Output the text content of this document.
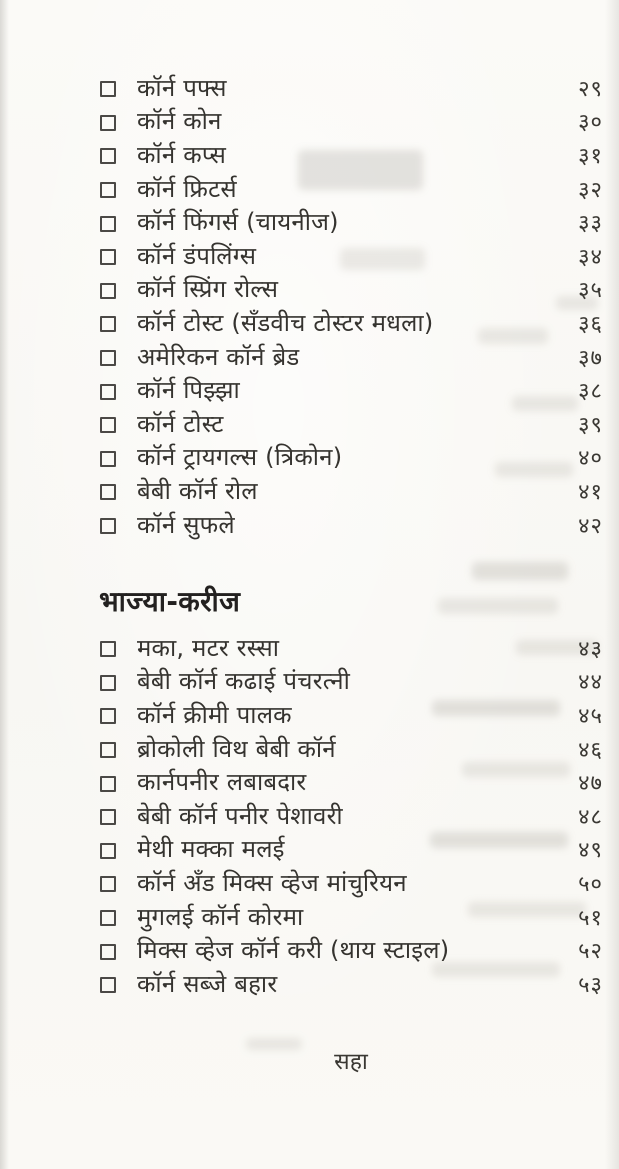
कॉर्न पफ्स	२९
कॉर्न कोन	३०
कॉर्न कप्स	३१
कॉर्न फ्रिटर्स	३२
कॉर्न फिंगर्स (चायनीज)	३३
कॉर्न डंपलिंग्स	३४
कॉर्न स्प्रिंग रोल्स	३५
कॉर्न टोस्ट (सँडवीच टोस्टर मधला)	३६
अमेरिकन कॉर्न ब्रेड	३७
कॉर्न पिझ्झा	३८
कॉर्न टोस्ट	३९
कॉर्न ट्रायगल्स (त्रिकोन)	४०
बेबी कॉर्न रोल	४१
कॉर्न सुफले	४२
भाज्या-करीज
मका, मटर रस्सा	४३
बेबी कॉर्न कढाई पंचरत्नी	४४
कॉर्न क्रीमी पालक	४५
ब्रोकोली विथ बेबी कॉर्न	४६
कार्नपनीर लबाबदार	४७
बेबी कॉर्न पनीर पेशावरी	४८
मेथी मक्का मलई	४९
कॉर्न अँड मिक्स व्हेज मांचुरियन	५०
मुगलई कॉर्न कोरमा	५१
मिक्स व्हेज कॉर्न करी (थाय स्टाइल)	५२
कॉर्न सब्जे बहार	५३
सहा
